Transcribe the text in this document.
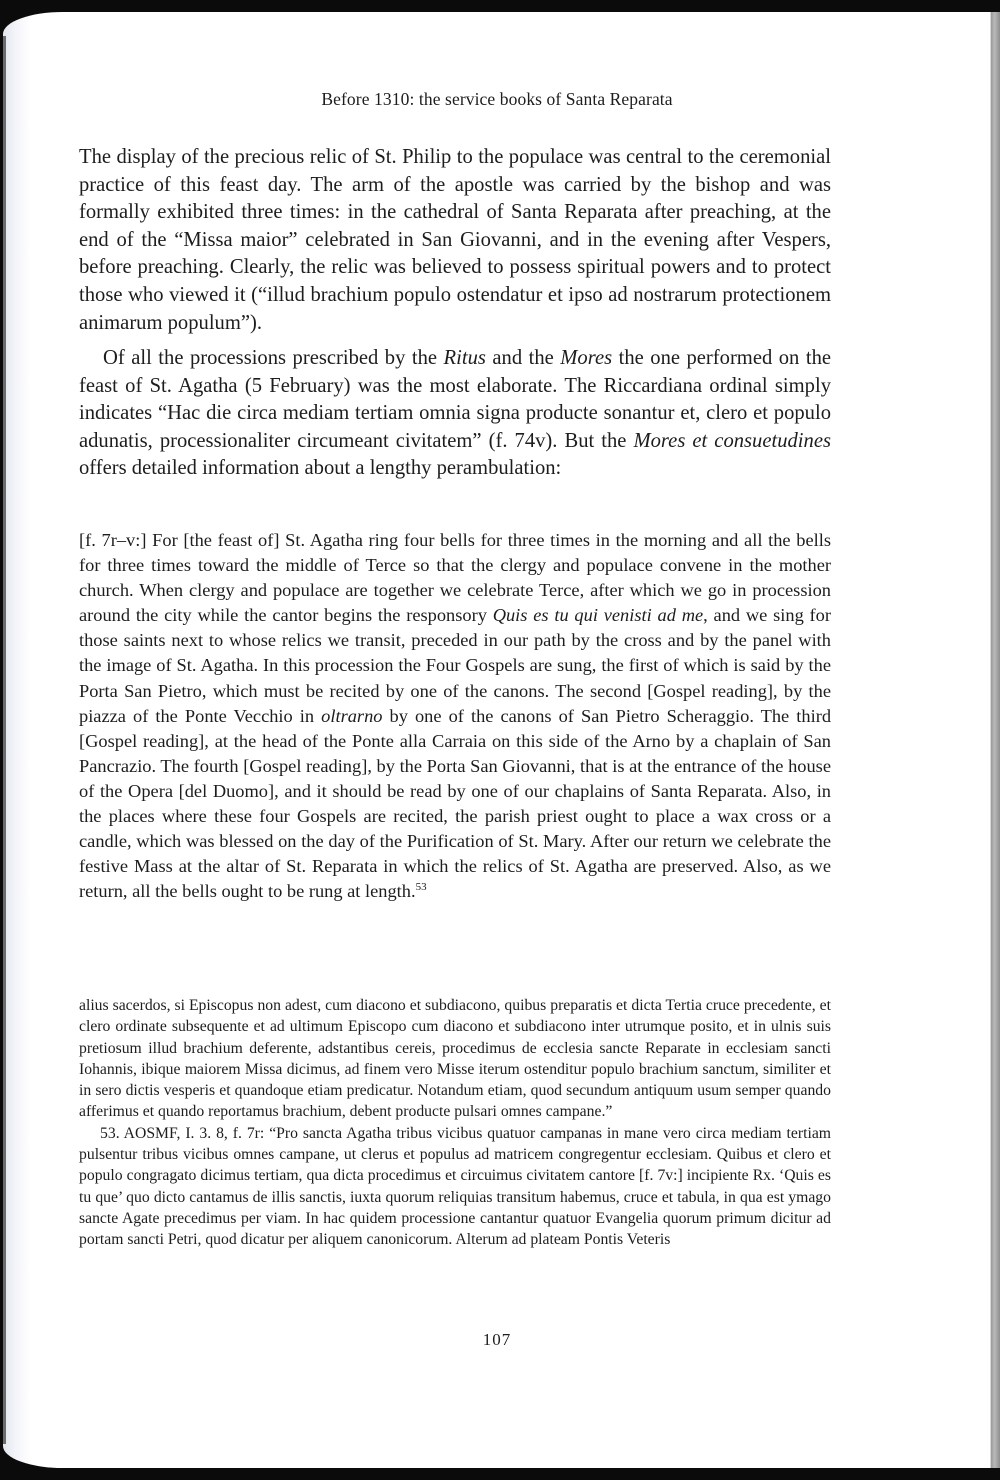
Before 1310: the service books of Santa Reparata

The display of the precious relic of St. Philip to the populace was central to the ceremonial practice of this feast day. The arm of the apostle was carried by the bishop and was formally exhibited three times: in the cathedral of Santa Reparata after preaching, at the end of the “Missa maior” celebrated in San Giovanni, and in the evening after Vespers, before preaching. Clearly, the relic was believed to possess spiritual powers and to protect those who viewed it (“illud brachium populo ostendatur et ipso ad nostrarum protectionem animarum populum”).

Of all the processions prescribed by the Ritus and the Mores the one performed on the feast of St. Agatha (5 February) was the most elaborate. The Riccardiana ordinal simply indicates “Hac die circa mediam tertiam omnia signa producte sonantur et, clero et populo adunatis, processionaliter circumeant civitatem” (f. 74v). But the Mores et consuetudines offers detailed information about a lengthy perambulation:

[f. 7r–v:] For [the feast of] St. Agatha ring four bells for three times in the morning and all the bells for three times toward the middle of Terce so that the clergy and populace convene in the mother church. When clergy and populace are together we celebrate Terce, after which we go in procession around the city while the cantor begins the responsory Quis es tu qui venisti ad me, and we sing for those saints next to whose relics we transit, preceded in our path by the cross and by the panel with the image of St. Agatha. In this procession the Four Gospels are sung, the first of which is said by the Porta San Pietro, which must be recited by one of the canons. The second [Gospel reading], by the piazza of the Ponte Vecchio in oltrarno by one of the canons of San Pietro Scheraggio. The third [Gospel reading], at the head of the Ponte alla Carraia on this side of the Arno by a chaplain of San Pancrazio. The fourth [Gospel reading], by the Porta San Giovanni, that is at the entrance of the house of the Opera [del Duomo], and it should be read by one of our chaplains of Santa Reparata. Also, in the places where these four Gospels are recited, the parish priest ought to place a wax cross or a candle, which was blessed on the day of the Purification of St. Mary. After our return we celebrate the festive Mass at the altar of St. Reparata in which the relics of St. Agatha are preserved. Also, as we return, all the bells ought to be rung at length.$^{53}$

alius sacerdos, si Episcopus non adest, cum diacono et subdiacono, quibus preparatis et dicta Tertia cruce precedente, et clero ordinate subsequente et ad ultimum Episcopo cum diacono et subdiacono inter utrumque posito, et in ulnis suis pretiosum illud brachium deferente, adstantibus cereis, procedimus de ecclesia sancte Reparate in ecclesiam sancti Iohannis, ibique maiorem Missa dicimus, ad finem vero Misse iterum ostenditur populo brachium sanctum, similiter et in sero dictis vesperis et quandoque etiam predicatur. Notandum etiam, quod secundum antiquum usum semper quando afferimus et quando reportamus brachium, debent producte pulsari omnes campane.”

53. AOSMF, I. 3. 8, f. 7r: “Pro sancta Agatha tribus vicibus quatuor campanas in mane vero circa mediam tertiam pulsentur tribus vicibus omnes campane, ut clerus et populus ad matricem congregentur ecclesiam. Quibus et clero et populo congragato dicimus tertiam, qua dicta procedimus et circuimus civitatem cantore [f. 7v:] incipiente Rx. ‘Quis es tu que’ quo dicto cantamus de illis sanctis, iuxta quorum reliquias transitum habemus, cruce et tabula, in qua est ymago sancte Agate precedimus per viam. In hac quidem processione cantantur quatuor Evangelia quorum primum dicitur ad portam sancti Petri, quod dicatur per aliquem canonicorum. Alterum ad plateam Pontis Veteris

107
